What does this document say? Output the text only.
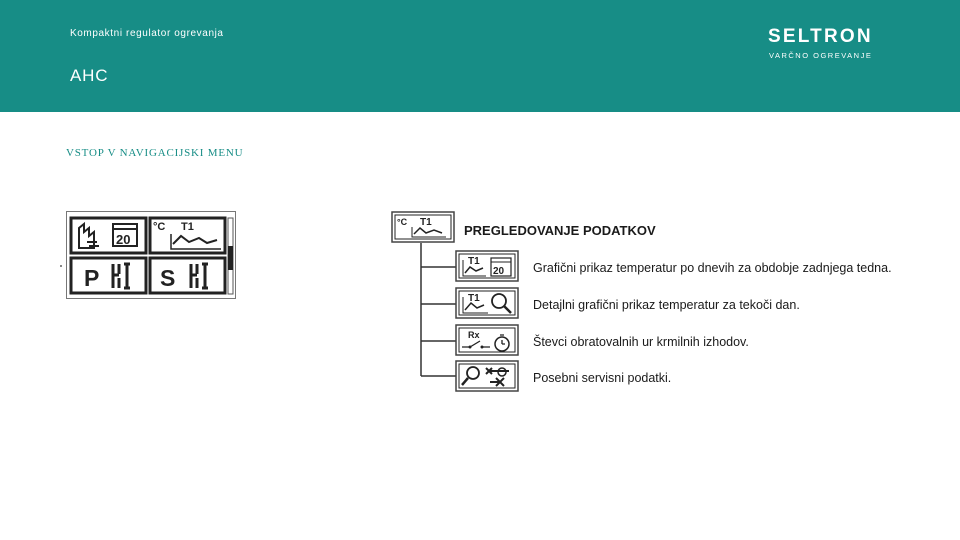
Kompaktni regulator ogrevanja
AHC
SELTRON
VARČNO OGREVANJE
VSTOP V NAVIGACIJSKI MENU
20
°C T1
P	S
°C T1
T1
20
T1
Rx
PREGLEDOVANJE PODATKOV
Grafični prikaz temperatur po dnevih za obdobje zadnjega tedna.
Detajlni grafični prikaz temperatur za tekoči dan.
Števci obratovalnih ur krmilnih izhodov.
Posebni servisni podatki.
